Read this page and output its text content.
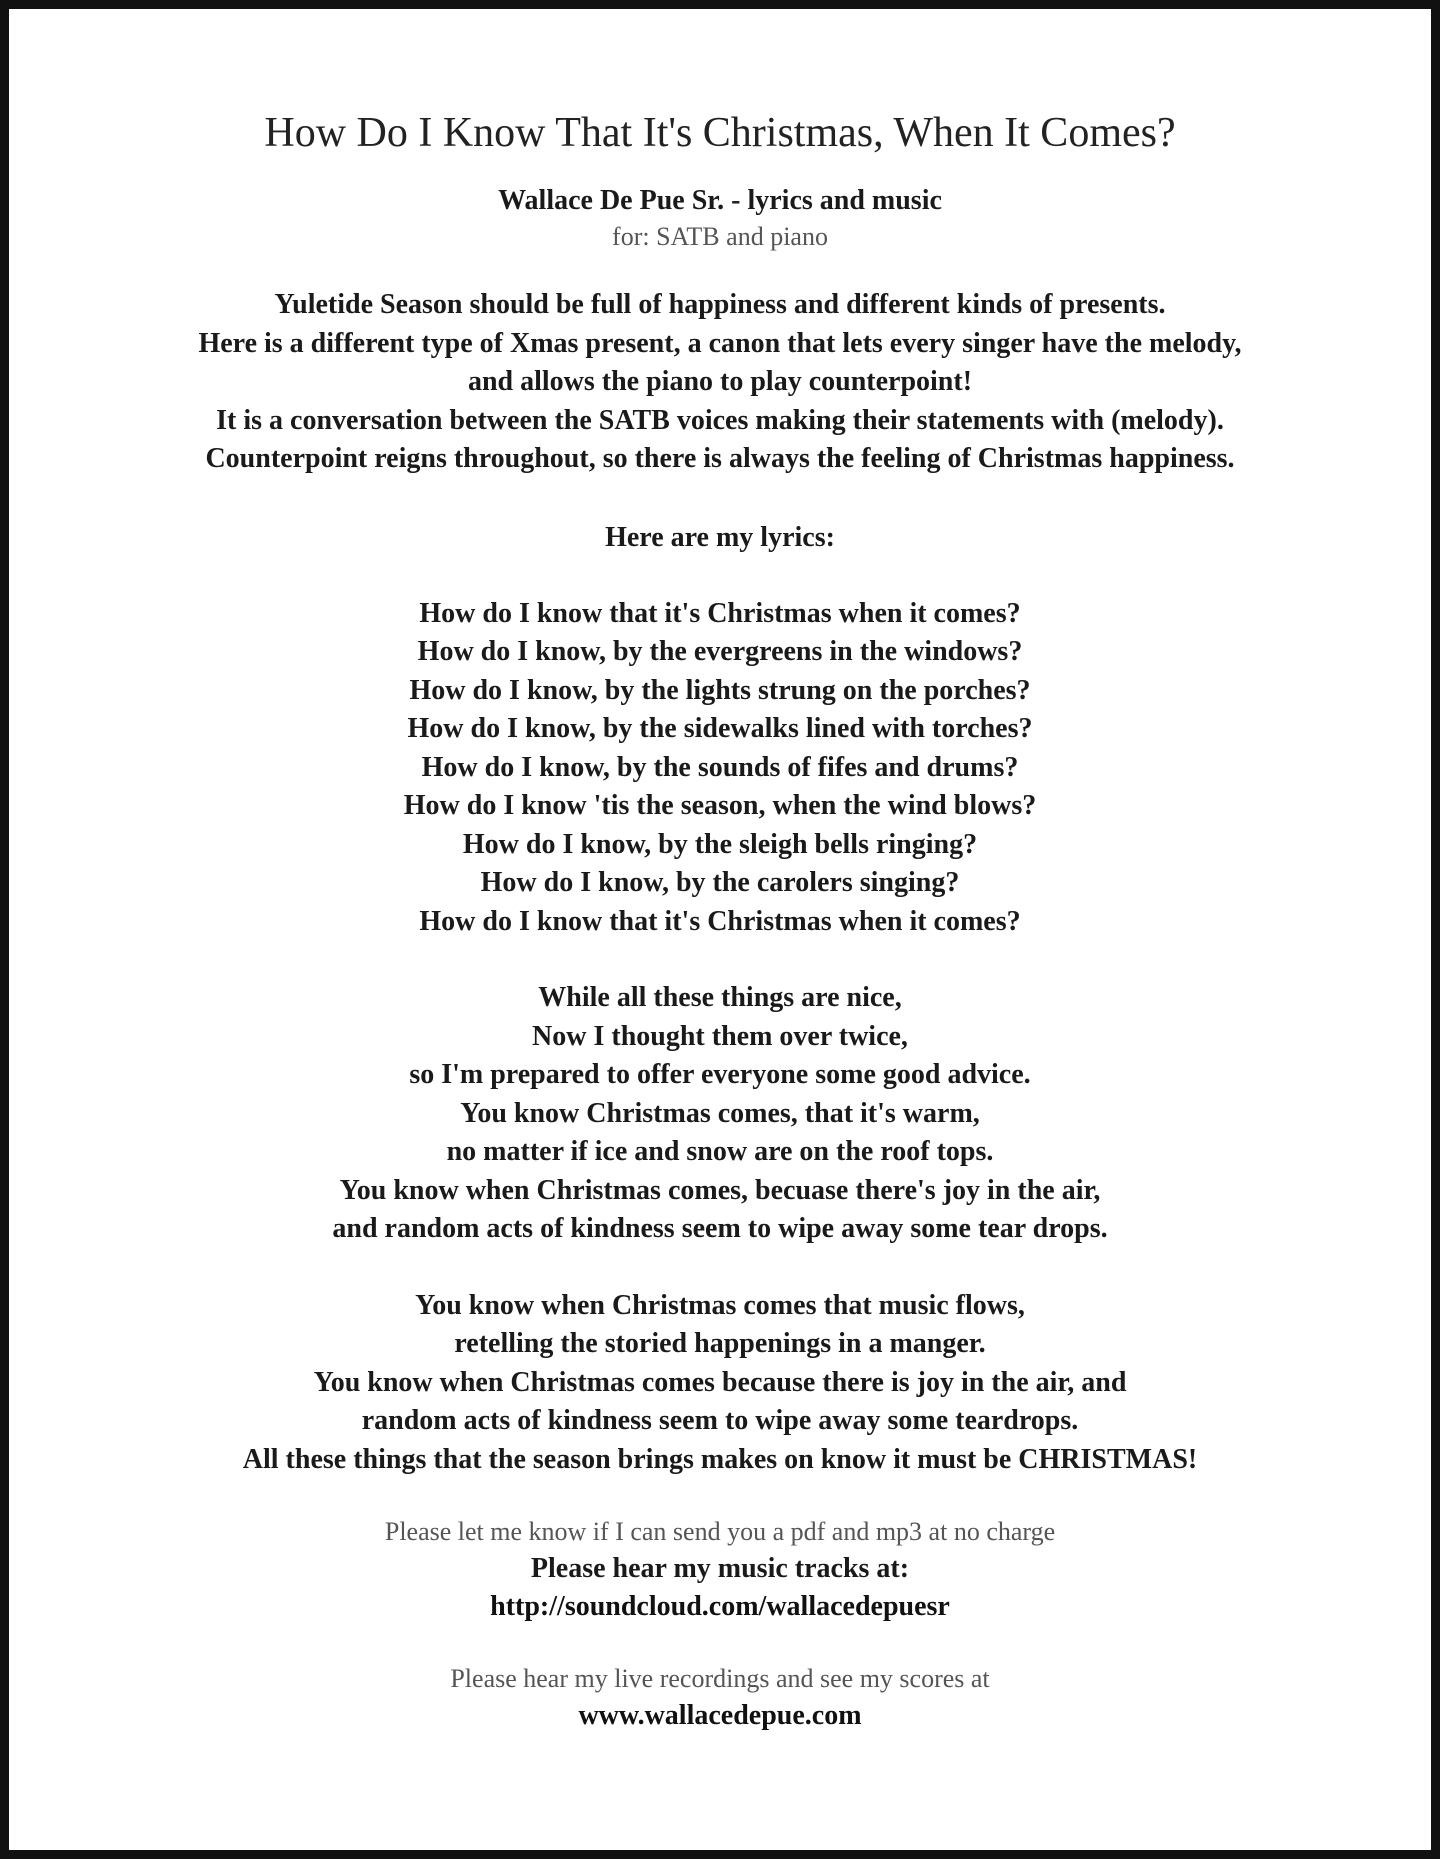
How Do I Know That It's Christmas, When It Comes?

Wallace De Pue Sr. - lyrics and music

for: SATB and piano

Yuletide Season should be full of happiness and different kinds of presents.
Here is a different type of Xmas present, a canon that lets every singer have the melody,
and allows the piano to play counterpoint!
It is a conversation between the SATB voices making their statements with (melody).
Counterpoint reigns throughout, so there is always the feeling of Christmas happiness.

Here are my lyrics:

How do I know that it's Christmas when it comes?
How do I know, by the evergreens in the windows?
How do I know, by the lights strung on the porches?
How do I know, by the sidewalks lined with torches?
How do I know, by the sounds of fifes and drums?
How do I know 'tis the season, when the wind blows?
How do I know, by the sleigh bells ringing?
How do I know, by the carolers singing?
How do I know that it's Christmas when it comes?
While all these things are nice,
Now I thought them over twice,
so I'm prepared to offer everyone some good advice.
You know Christmas comes, that it's warm,
no matter if ice and snow are on the roof tops.
You know when Christmas comes, becuase there's joy in the air,
and random acts of kindness seem to wipe away some tear drops.
You know when Christmas comes that music flows,
retelling the storied happenings in a manger.
You know when Christmas comes because there is joy in the air, and
random acts of kindness seem to wipe away some teardrops.
All these things that the season brings makes on know it must be CHRISTMAS!

Please let me know if I can send you a pdf and mp3 at no charge

Please hear my music tracks at:

http://soundcloud.com/wallacedepuesr

Please hear my live recordings and see my scores at

www.wallacedepue.com
